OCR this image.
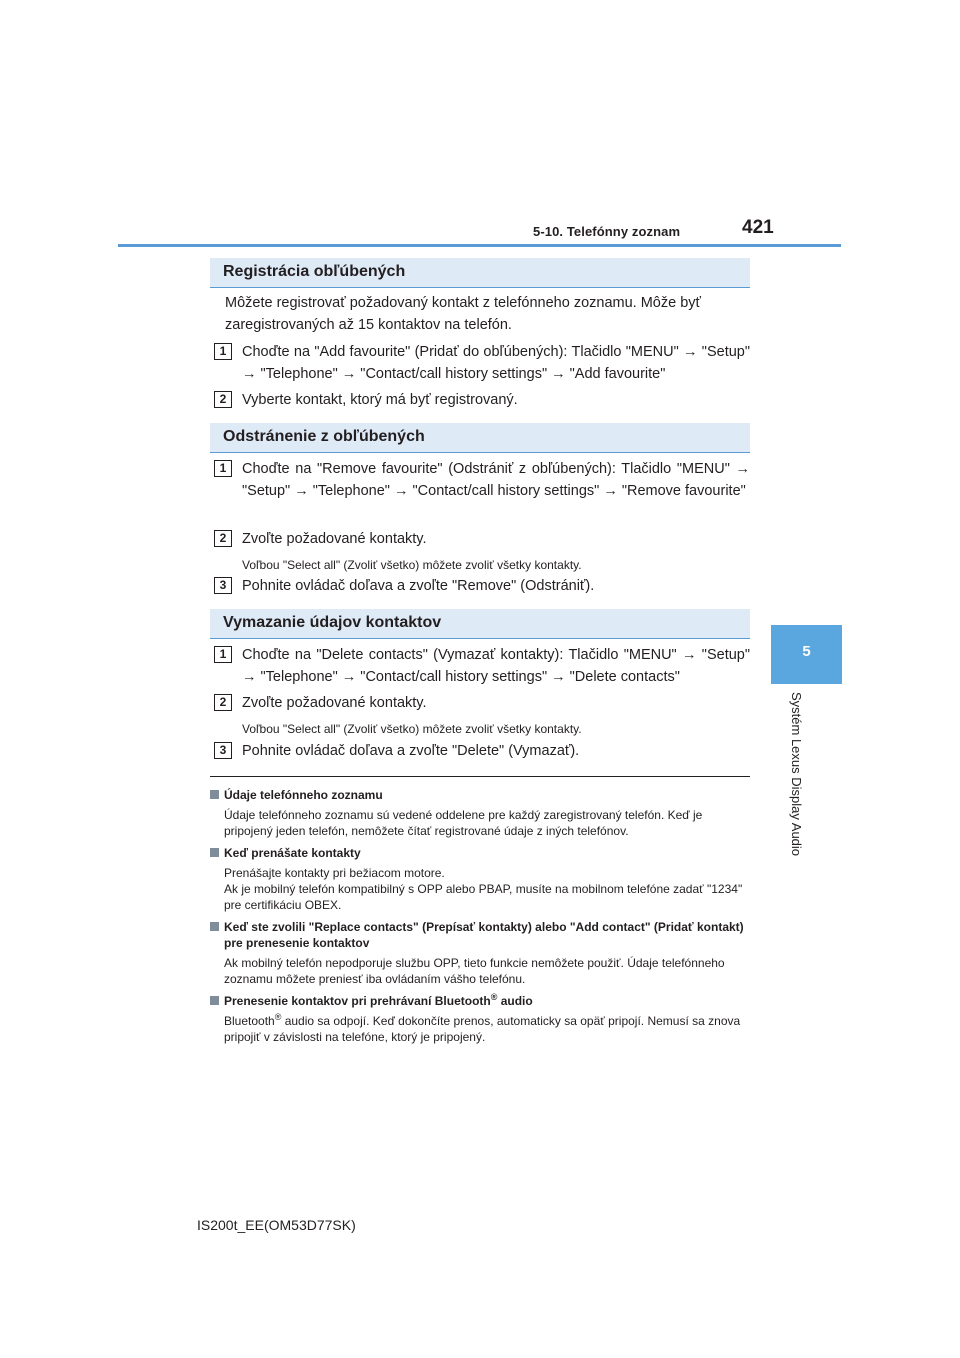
5-10. Telefónny zoznam	421
5
Systém Lexus Display Audio
Registrácia obľúbených
Môžete registrovať požadovaný kontakt z telefónneho zoznamu. Môže byť zaregistrovaných až 15 kontaktov na telefón.
1	Choďte na "Add favourite" (Pridať do obľúbených): Tlačidlo "MENU" → "Setup" → "Telephone" → "Contact/call history settings" → "Add favourite"
2	Vyberte kontakt, ktorý má byť registrovaný.
Odstránenie z obľúbených
1	Choďte na "Remove favourite" (Odstrániť z obľúbených): Tlačidlo "MENU" → "Setup" → "Telephone" → "Contact/call history settings" → "Remove favourite"
2	Zvoľte požadované kontakty.
Voľbou "Select all" (Zvoliť všetko) môžete zvoliť všetky kontakty.
3	Pohnite ovládač doľava a zvoľte "Remove" (Odstrániť).
Vymazanie údajov kontaktov
1	Choďte na "Delete contacts" (Vymazať kontakty): Tlačidlo "MENU" → "Setup" → "Telephone" → "Contact/call history settings" → "Delete contacts"
2	Zvoľte požadované kontakty.
Voľbou "Select all" (Zvoliť všetko) môžete zvoliť všetky kontakty.
3	Pohnite ovládač doľava a zvoľte "Delete" (Vymazať).
Údaje telefónneho zoznamu
Údaje telefónneho zoznamu sú vedené oddelene pre každý zaregistrovaný telefón. Keď je pripojený jeden telefón, nemôžete čítať registrované údaje z iných telefónov.
Keď prenášate kontakty
Prenášajte kontakty pri bežiacom motore.
Ak je mobilný telefón kompatibilný s OPP alebo PBAP, musíte na mobilnom telefóne zadať "1234" pre certifikáciu OBEX.
Keď ste zvolili "Replace contacts" (Prepísať kontakty) alebo "Add contact" (Pridať kontakt) pre prenesenie kontaktov
Ak mobilný telefón nepodporuje službu OPP, tieto funkcie nemôžete použiť. Údaje telefónneho zoznamu môžete preniesť iba ovládaním vášho telefónu.
Prenesenie kontaktov pri prehrávaní Bluetooth® audio
Bluetooth® audio sa odpojí. Keď dokončíte prenos, automaticky sa opäť pripojí. Nemusí sa znova pripojiť v závislosti na telefóne, ktorý je pripojený.
IS200t_EE(OM53D77SK)
